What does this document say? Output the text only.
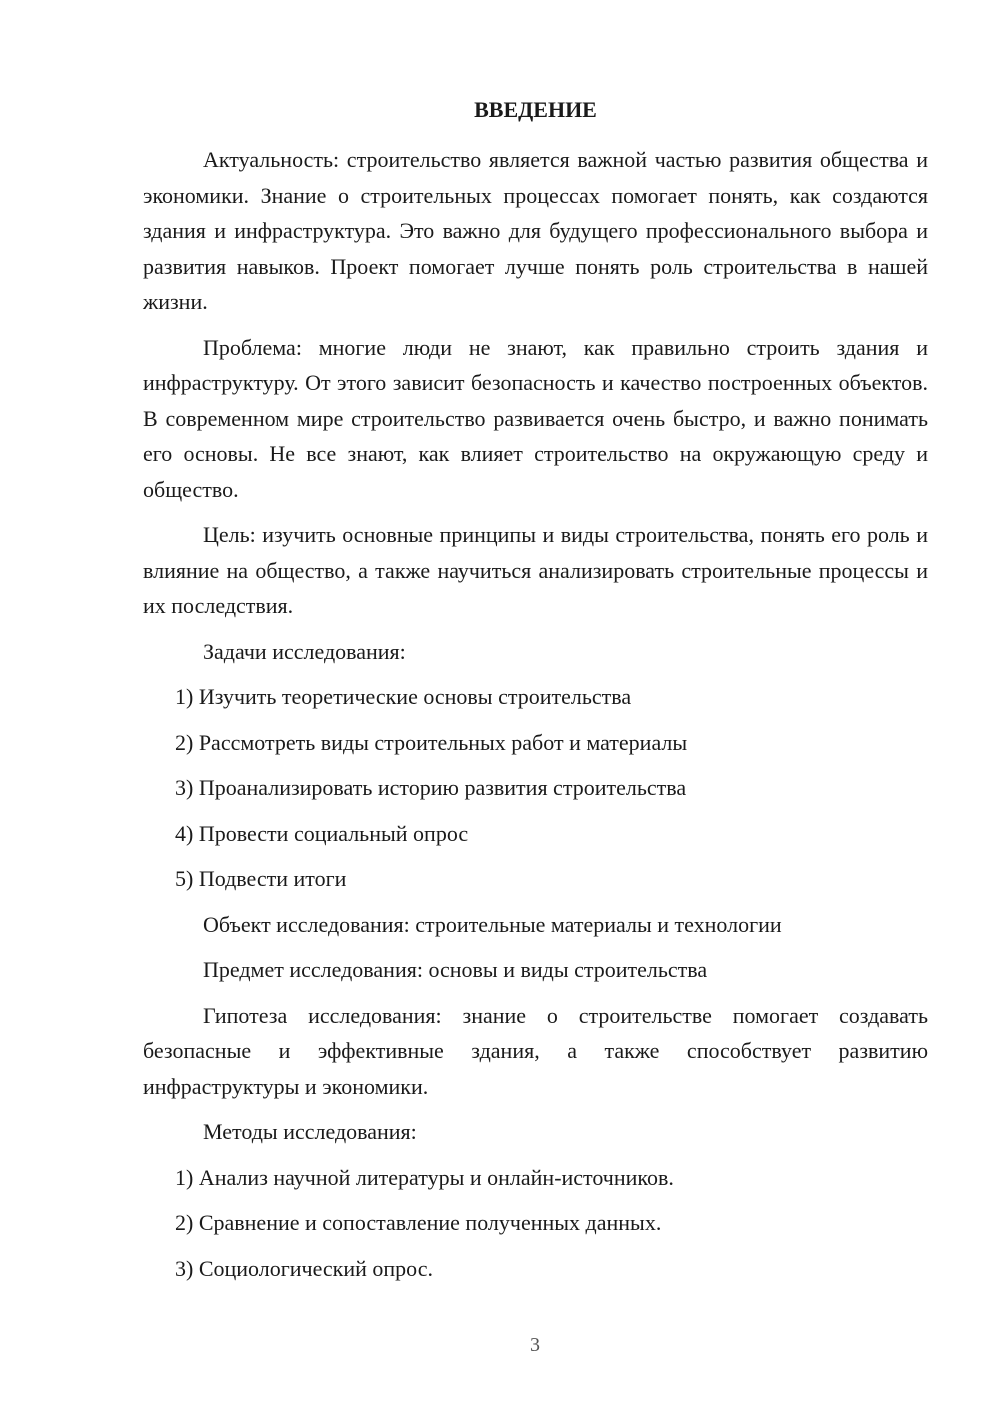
ВВЕДЕНИЕ

Актуальность: строительство является важной частью развития общества и экономики. Знание о строительных процессах помогает понять, как создаются здания и инфраструктура. Это важно для будущего профессионального выбора и развития навыков. Проект помогает лучше понять роль строительства в нашей жизни.

Проблема: многие люди не знают, как правильно строить здания и инфраструктуру. От этого зависит безопасность и качество построенных объектов. В современном мире строительство развивается очень быстро, и важно понимать его основы. Не все знают, как влияет строительство на окружающую среду и общество.

Цель: изучить основные принципы и виды строительства, понять его роль и влияние на общество, а также научиться анализировать строительные процессы и их последствия.

Задачи исследования:
1) Изучить теоретические основы строительства
2) Рассмотреть виды строительных работ и материалы
3) Проанализировать историю развития строительства
4) Провести социальный опрос
5) Подвести итоги
Объект исследования: строительные материалы и технологии
Предмет исследования: основы и виды строительства

Гипотеза исследования: знание о строительстве помогает создавать безопасные и эффективные здания, а также способствует развитию инфраструктуры и экономики.

Методы исследования:
1) Анализ научной литературы и онлайн-источников.
2) Сравнение и сопоставление полученных данных.
3) Социологический опрос.
3
